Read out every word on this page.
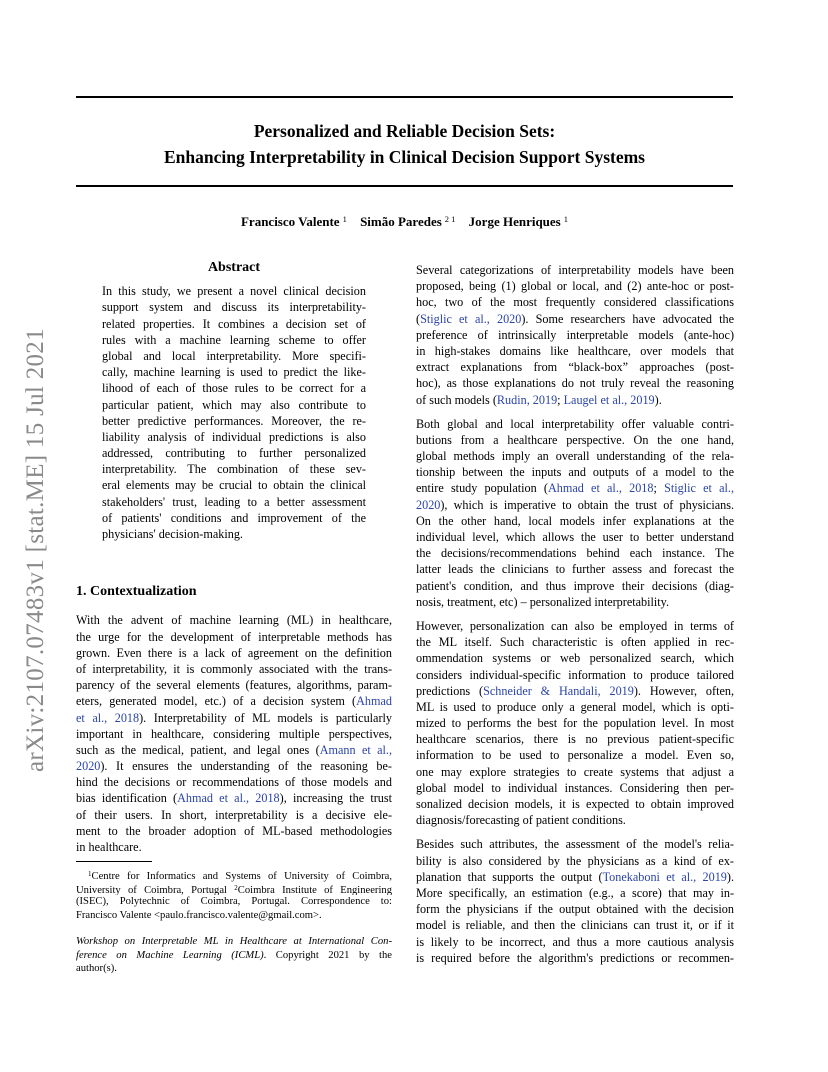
Personalized and Reliable Decision Sets:
Enhancing Interpretability in Clinical Decision Support Systems
Francisco Valente $^1$ Simão Paredes $^{2 1}$ Jorge Henriques $^1$
arXiv:2107.07483v1 [stat.ME] 15 Jul 2021
Abstract
In this study, we present a novel clinical decision
support system and discuss its interpretability-
related properties. It combines a decision set of
rules with a machine learning scheme to offer
global and local interpretability. More specifi-
cally, machine learning is used to predict the like-
lihood of each of those rules to be correct for a
particular patient, which may also contribute to
better predictive performances. Moreover, the re-
liability analysis of individual predictions is also
addressed, contributing to further personalized
interpretability. The combination of these sev-
eral elements may be crucial to obtain the clinical
stakeholders' trust, leading to a better assessment
of patients' conditions and improvement of the
physicians' decision-making.
1. Contextualization
With the advent of machine learning (ML) in healthcare,
the urge for the development of interpretable methods has
grown. Even there is a lack of agreement on the definition
of interpretability, it is commonly associated with the trans-
parency of the several elements (features, algorithms, param-
eters, generated model, etc.) of a decision system (Ahmad
et al., 2018). Interpretability of ML models is particularly
important in healthcare, considering multiple perspectives,
such as the medical, patient, and legal ones (Amann et al.,
2020). It ensures the understanding of the reasoning be-
hind the decisions or recommendations of those models and
bias identification (Ahmad et al., 2018), increasing the trust
of their users. In short, interpretability is a decisive ele-
ment to the broader adoption of ML-based methodologies
in healthcare.
$^1$Centre for Informatics and Systems of University of Coimbra,
University of Coimbra, Portugal $^2$Coimbra Institute of Engineering
(ISEC), Polytechnic of Coimbra, Portugal. Correspondence to:
Francisco Valente <paulo.francisco.valente@gmail.com>.
Workshop on Interpretable ML in Healthcare at International Con-
ference on Machine Learning (ICML). Copyright 2021 by the
author(s).
Several categorizations of interpretability models have been
proposed, being (1) global or local, and (2) ante-hoc or post-
hoc, two of the most frequently considered classifications
(Stiglic et al., 2020). Some researchers have advocated the
preference of intrinsically interpretable models (ante-hoc)
in high-stakes domains like healthcare, over models that
extract explanations from “black-box” approaches (post-
hoc), as those explanations do not truly reveal the reasoning
of such models (Rudin, 2019; Laugel et al., 2019).
Both global and local interpretability offer valuable contri-
butions from a healthcare perspective. On the one hand,
global methods imply an overall understanding of the rela-
tionship between the inputs and outputs of a model to the
entire study population (Ahmad et al., 2018; Stiglic et al.,
2020), which is imperative to obtain the trust of physicians.
On the other hand, local models infer explanations at the
individual level, which allows the user to better understand
the decisions/recommendations behind each instance. The
latter leads the clinicians to further assess and forecast the
patient's condition, and thus improve their decisions (diag-
nosis, treatment, etc) – personalized interpretability.
However, personalization can also be employed in terms of
the ML itself. Such characteristic is often applied in rec-
ommendation systems or web personalized search, which
considers individual-specific information to produce tailored
predictions (Schneider & Handali, 2019). However, often,
ML is used to produce only a general model, which is opti-
mized to performs the best for the population level. In most
healthcare scenarios, there is no previous patient-specific
information to be used to personalize a model. Even so,
one may explore strategies to create systems that adjust a
global model to individual instances. Considering then per-
sonalized decision models, it is expected to obtain improved
diagnosis/forecasting of patient conditions.
Besides such attributes, the assessment of the model's relia-
bility is also considered by the physicians as a kind of ex-
planation that supports the output (Tonekaboni et al., 2019).
More specifically, an estimation (e.g., a score) that may in-
form the physicians if the output obtained with the decision
model is reliable, and then the clinicians can trust it, or if it
is likely to be incorrect, and thus a more cautious analysis
is required before the algorithm's predictions or recommen-
